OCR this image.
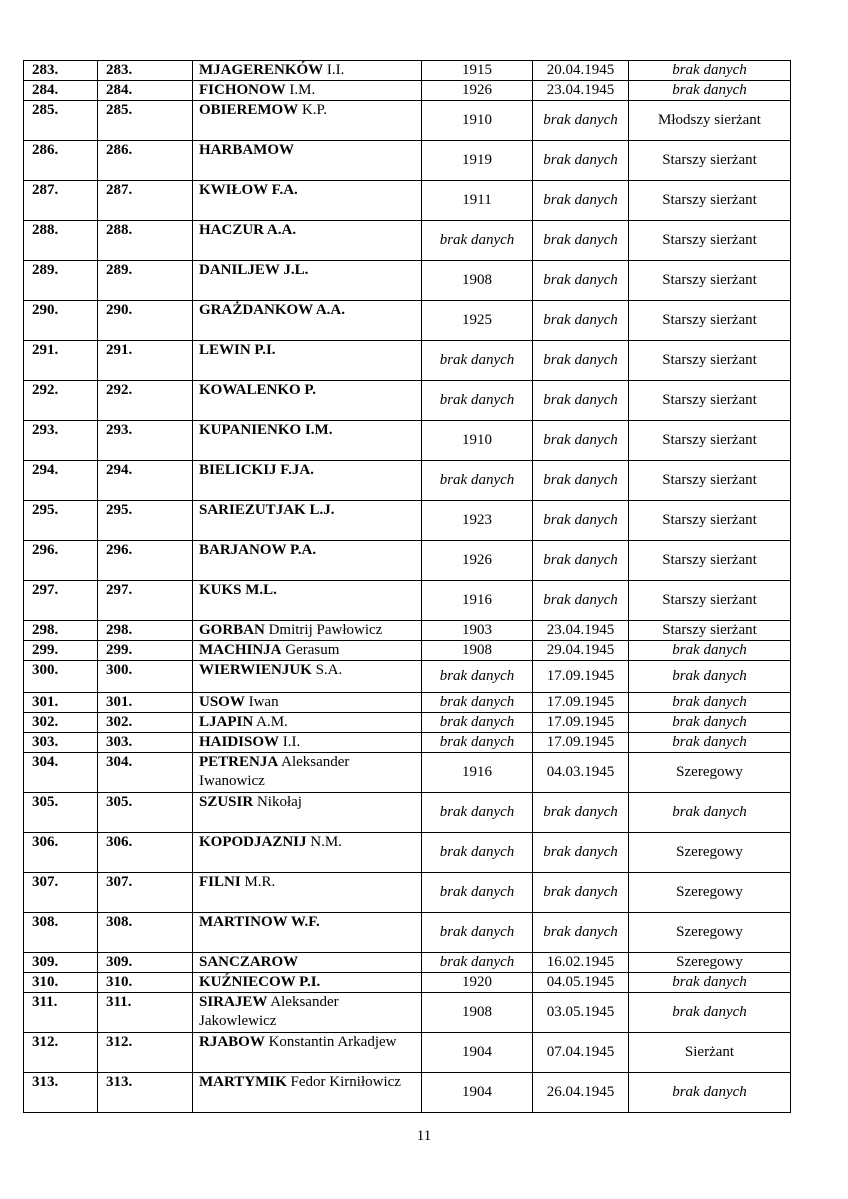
283.	283.	MJAGERENKÓW I.I.	1915	20.04.1945	brak danych
284.	284.	FICHONOW I.M.	1926	23.04.1945	brak danych
285.	285.	OBIEREMOW K.P.	1910	brak danych	Młodszy sierżant
286.	286.	HARBAMOW	1919	brak danych	Starszy sierżant
287.	287.	KWIŁOW F.A.	1911	brak danych	Starszy sierżant
288.	288.	HACZUR A.A.	brak danych	brak danych	Starszy sierżant
289.	289.	DANILJEW J.L.	1908	brak danych	Starszy sierżant
290.	290.	GRAŻDANKOW A.A.	1925	brak danych	Starszy sierżant
291.	291.	LEWIN P.I.	brak danych	brak danych	Starszy sierżant
292.	292.	KOWALENKO P.	brak danych	brak danych	Starszy sierżant
293.	293.	KUPANIENKO I.M.	1910	brak danych	Starszy sierżant
294.	294.	BIELICKIJ F.JA.	brak danych	brak danych	Starszy sierżant
295.	295.	SARIEZUTJAK L.J.	1923	brak danych	Starszy sierżant
296.	296.	BARJANOW P.A.	1926	brak danych	Starszy sierżant
297.	297.	KUKS M.L.	1916	brak danych	Starszy sierżant
298.	298.	GORBAN Dmitrij Pawłowicz	1903	23.04.1945	Starszy sierżant
299.	299.	MACHINJA Gerasum	1908	29.04.1945	brak danych
300.	300.	WIERWIENJUK S.A.	brak danych	17.09.1945	brak danych
301.	301.	USOW Iwan	brak danych	17.09.1945	brak danych
302.	302.	LJAPIN A.M.	brak danych	17.09.1945	brak danych
303.	303.	HAIDISOW I.I.	brak danych	17.09.1945	brak danych
304.	304.	PETRENJA Aleksander Iwanowicz	1916	04.03.1945	Szeregowy
305.	305.	SZUSIR Nikołaj	brak danych	brak danych	brak danych
306.	306.	KOPODJAZNIJ N.M.	brak danych	brak danych	Szeregowy
307.	307.	FILNI M.R.	brak danych	brak danych	Szeregowy
308.	308.	MARTINOW W.F.	brak danych	brak danych	Szeregowy
309.	309.	SANCZAROW	brak danych	16.02.1945	Szeregowy
310.	310.	KUŹNIECOW P.I.	1920	04.05.1945	brak danych
311.	311.	SIRAJEW Aleksander Jakowlewicz	1908	03.05.1945	brak danych
312.	312.	RJABOW Konstantin Arkadjew	1904	07.04.1945	Sierżant
313.	313.	MARTYMIK Fedor Kirniłowicz	1904	26.04.1945	brak danych
11
